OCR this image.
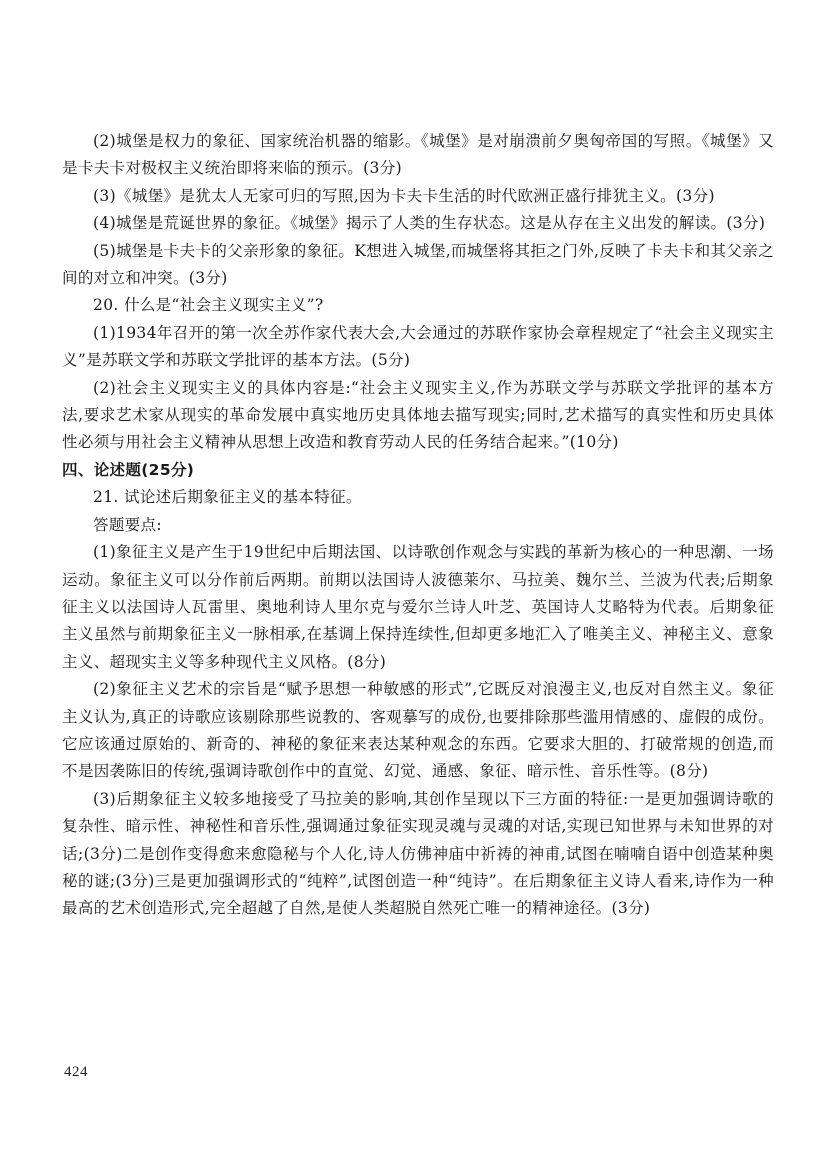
(2)城堡是权力的象征、国家统治机器的缩影。《城堡》是对崩溃前夕奥匈帝国的写照。《城堡》又是卡夫卡对极权主义统治即将来临的预示。(3分)

(3)《城堡》是犹太人无家可归的写照,因为卡夫卡生活的时代欧洲正盛行排犹主义。(3分)

(4)城堡是荒诞世界的象征。《城堡》揭示了人类的生存状态。这是从存在主义出发的解读。(3分)

(5)城堡是卡夫卡的父亲形象的象征。K想进入城堡,而城堡将其拒之门外,反映了卡夫卡和其父亲之间的对立和冲突。(3分)

20. 什么是“社会主义现实主义”?

(1)1934年召开的第一次全苏作家代表大会,大会通过的苏联作家协会章程规定了“社会主义现实主义”是苏联文学和苏联文学批评的基本方法。(5分)

(2)社会主义现实主义的具体内容是:“社会主义现实主义,作为苏联文学与苏联文学批评的基本方法,要求艺术家从现实的革命发展中真实地历史具体地去描写现实;同时,艺术描写的真实性和历史具体性必须与用社会主义精神从思想上改造和教育劳动人民的任务结合起来。”(10分)

四、论述题(25分)

21. 试论述后期象征主义的基本特征。

答题要点:

(1)象征主义是产生于19世纪中后期法国、以诗歌创作观念与实践的革新为核心的一种思潮、一场运动。象征主义可以分作前后两期。前期以法国诗人波德莱尔、马拉美、魏尔兰、兰波为代表;后期象征主义以法国诗人瓦雷里、奥地利诗人里尔克与爱尔兰诗人叶芝、英国诗人艾略特为代表。后期象征主义虽然与前期象征主义一脉相承,在基调上保持连续性,但却更多地汇入了唯美主义、神秘主义、意象主义、超现实主义等多种现代主义风格。(8分)

(2)象征主义艺术的宗旨是“赋予思想一种敏感的形式”,它既反对浪漫主义,也反对自然主义。象征主义认为,真正的诗歌应该剔除那些说教的、客观摹写的成份,也要排除那些滥用情感的、虚假的成份。它应该通过原始的、新奇的、神秘的象征来表达某种观念的东西。它要求大胆的、打破常规的创造,而不是因袭陈旧的传统,强调诗歌创作中的直觉、幻觉、通感、象征、暗示性、音乐性等。(8分)

(3)后期象征主义较多地接受了马拉美的影响,其创作呈现以下三方面的特征:一是更加强调诗歌的复杂性、暗示性、神秘性和音乐性,强调通过象征实现灵魂与灵魂的对话,实现已知世界与未知世界的对话;(3分)二是创作变得愈来愈隐秘与个人化,诗人仿佛神庙中祈祷的神甫,试图在喃喃自语中创造某种奥秘的谜;(3分)三是更加强调形式的“纯粹”,试图创造一种“纯诗”。在后期象征主义诗人看来,诗作为一种最高的艺术创造形式,完全超越了自然,是使人类超脱自然死亡唯一的精神途径。(3分)

424
